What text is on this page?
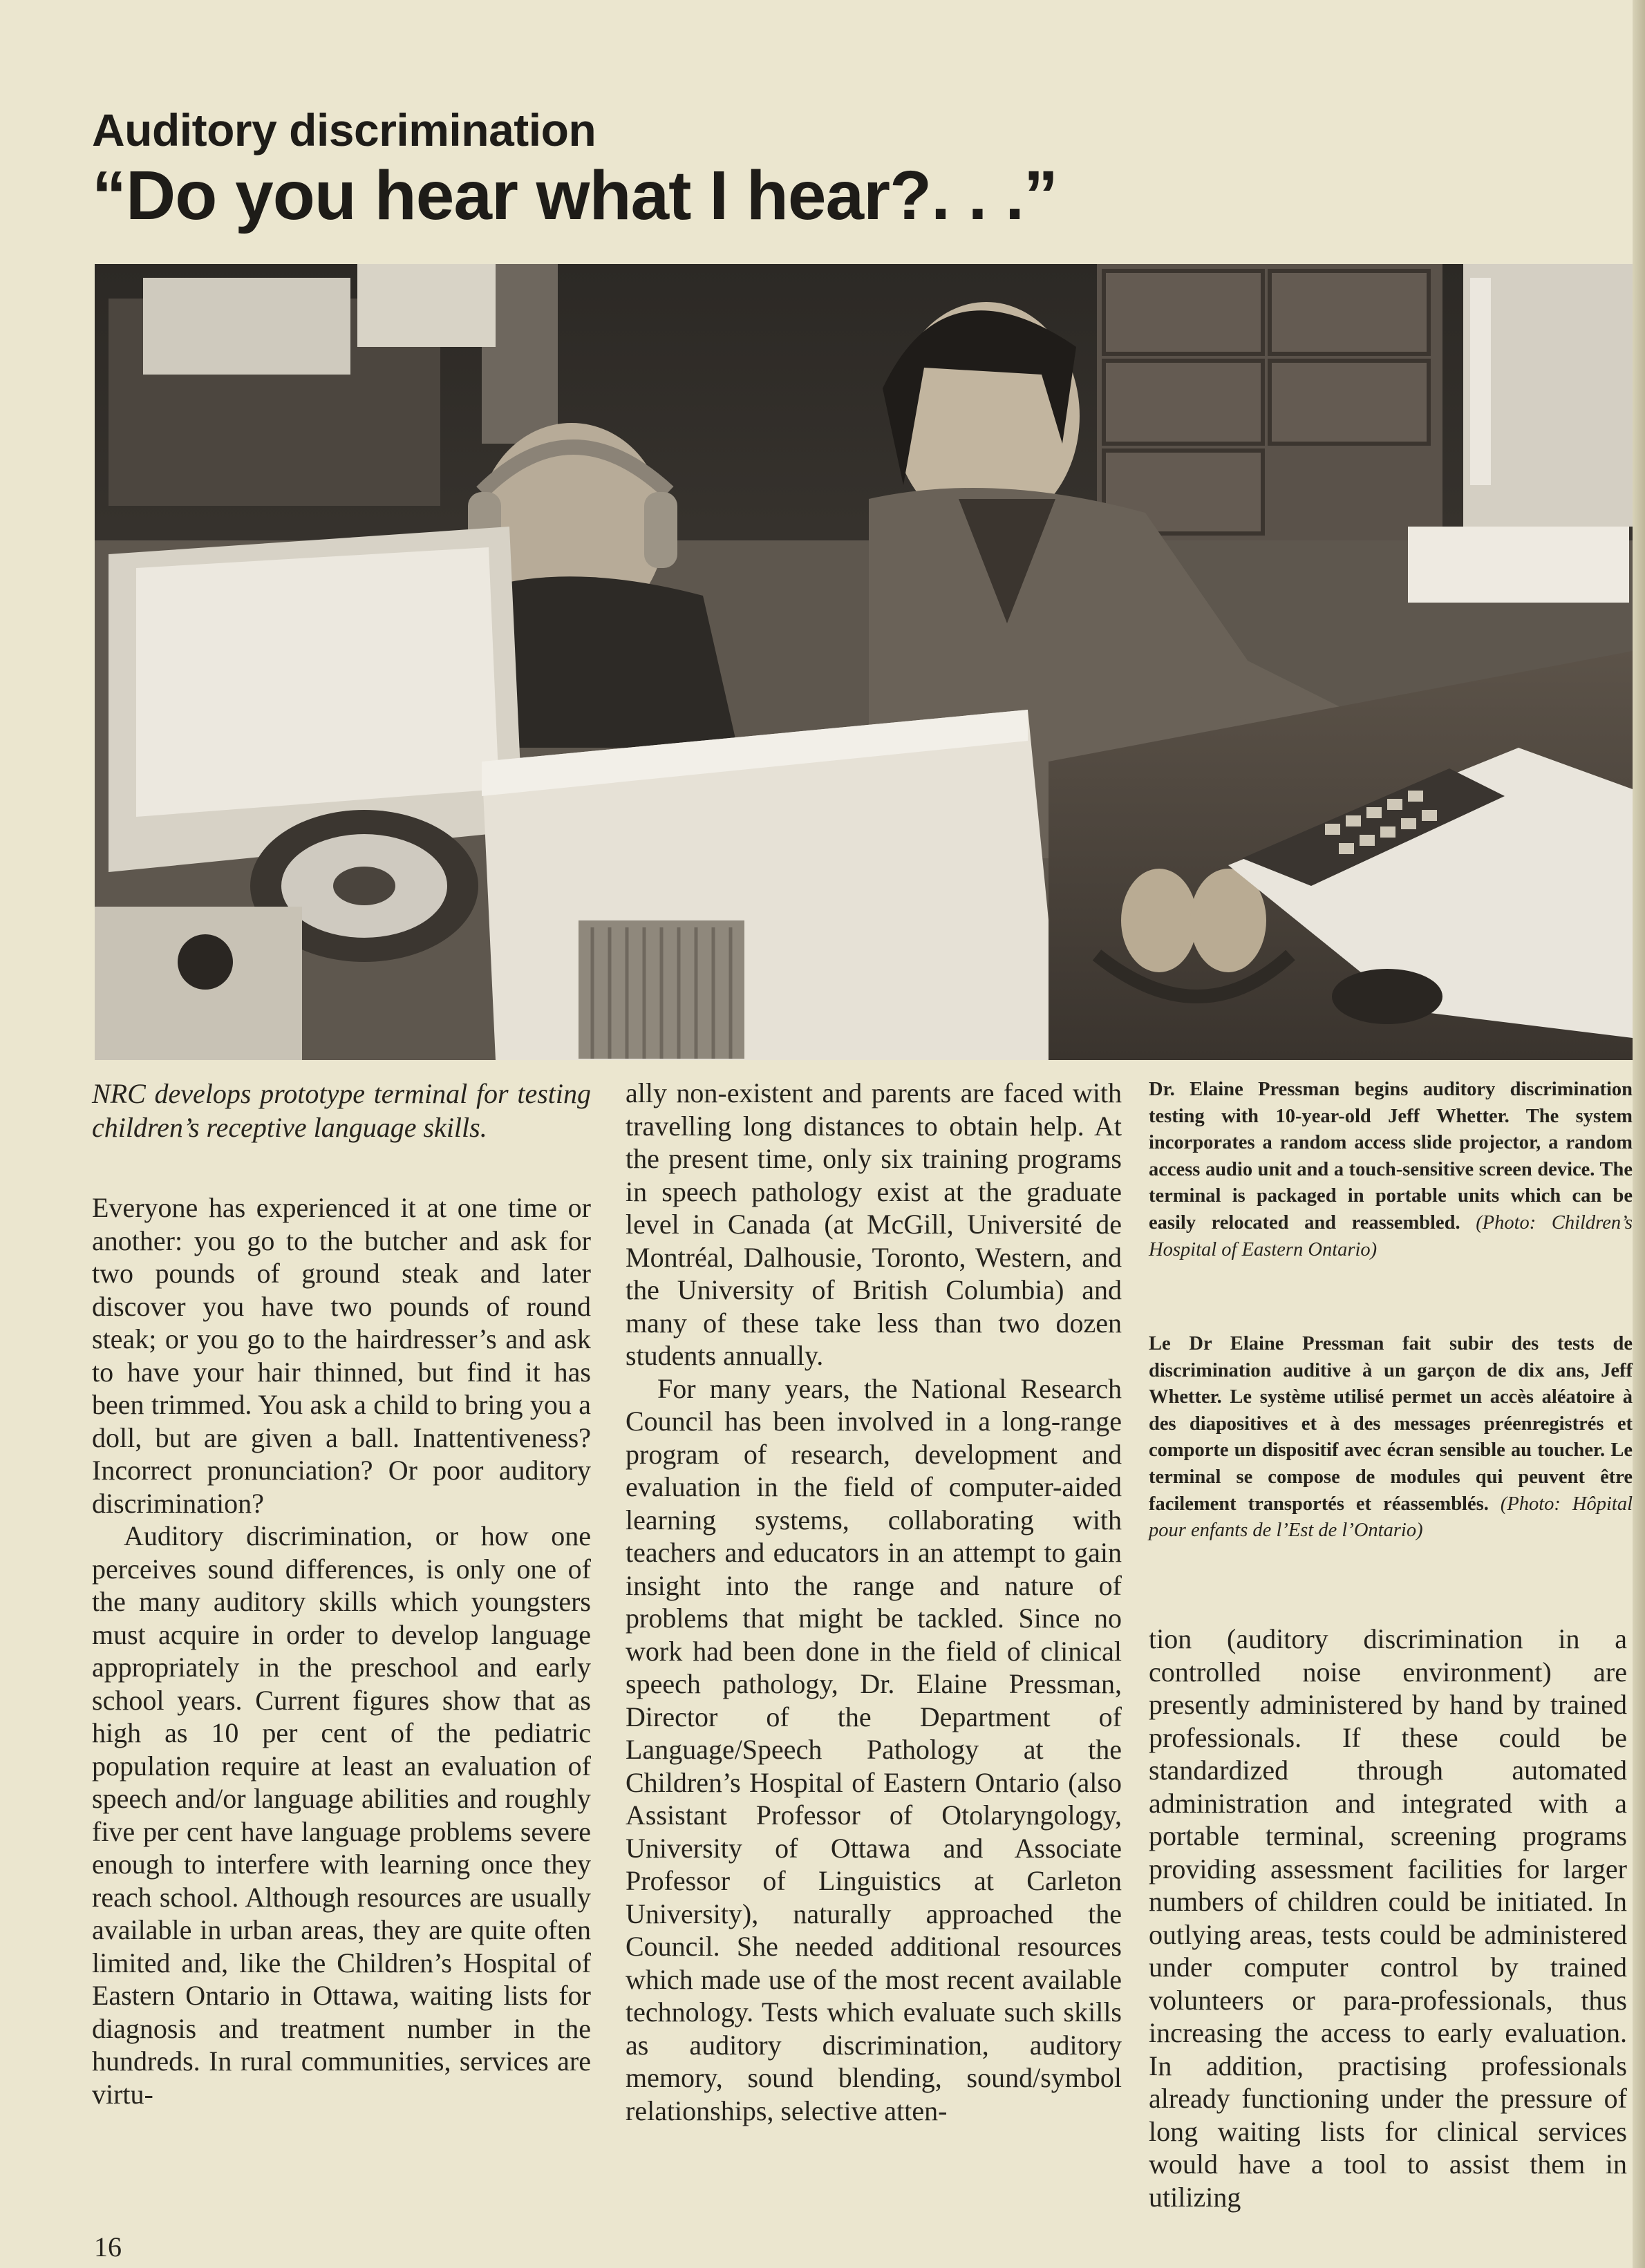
Auditory discrimination
“Do you hear what I hear?. . .”

NRC develops prototype terminal for testing children’s receptive language skills.

Everyone has experienced it at one time or another: you go to the butcher and ask for two pounds of ground steak and later discover you have two pounds of round steak; or you go to the hairdresser’s and ask to have your hair thinned, but find it has been trimmed. You ask a child to bring you a doll, but are given a ball. Inattentiveness? Incorrect pronunciation? Or poor auditory discrimination?

Auditory discrimination, or how one perceives sound differences, is only one of the many auditory skills which youngsters must acquire in order to develop language appropriately in the preschool and early school years. Current figures show that as high as 10 per cent of the pediatric population require at least an evaluation of speech and/or language abilities and roughly five per cent have language problems severe enough to interfere with learning once they reach school. Although resources are usually available in urban areas, they are quite often limited and, like the Children’s Hospital of Eastern Ontario in Ottawa, waiting lists for diagnosis and treatment number in the hundreds. In rural communities, services are virtu-

ally non-existent and parents are faced with travelling long distances to obtain help. At the present time, only six training programs in speech pathology exist at the graduate level in Canada (at McGill, Université de Montréal, Dalhousie, Toronto, Western, and the University of British Columbia) and many of these take less than two dozen students annually.

For many years, the National Research Council has been involved in a long-range program of research, development and evaluation in the field of computer-aided learning systems, collaborating with teachers and educators in an attempt to gain insight into the range and nature of problems that might be tackled. Since no work had been done in the field of clinical speech pathology, Dr. Elaine Pressman, Director of the Department of Language/Speech Pathology at the Children’s Hospital of Eastern Ontario (also Assistant Professor of Otolaryngology, University of Ottawa and Associate Professor of Linguistics at Carleton University), naturally approached the Council. She needed additional resources which made use of the most recent available technology. Tests which evaluate such skills as auditory discrimination, auditory memory, sound blending, sound/symbol relationships, selective atten-

Dr. Elaine Pressman begins auditory discrimination testing with 10-year-old Jeff Whetter. The system incorporates a random access slide projector, a random access audio unit and a touch-sensitive screen device. The terminal is packaged in portable units which can be easily relocated and reassembled. (Photo: Children’s Hospital of Eastern Ontario)

Le Dr Elaine Pressman fait subir des tests de discrimination auditive à un garçon de dix ans, Jeff Whetter. Le système utilisé permet un accès aléatoire à des diapositives et à des messages préenregistrés et comporte un dispositif avec écran sensible au toucher. Le terminal se compose de modules qui peuvent être facilement transportés et réassemblés. (Photo: Hôpital pour enfants de l’Est de l’Ontario)

tion (auditory discrimination in a controlled noise environment) are presently administered by hand by trained professionals. If these could be standardized through automated administration and integrated with a portable terminal, screening programs providing assessment facilities for larger numbers of children could be initiated. In outlying areas, tests could be administered under computer control by trained volunteers or para-professionals, thus increasing the access to early evaluation. In addition, practising professionals already functioning under the pressure of long waiting lists for clinical services would have a tool to assist them in utilizing

16
